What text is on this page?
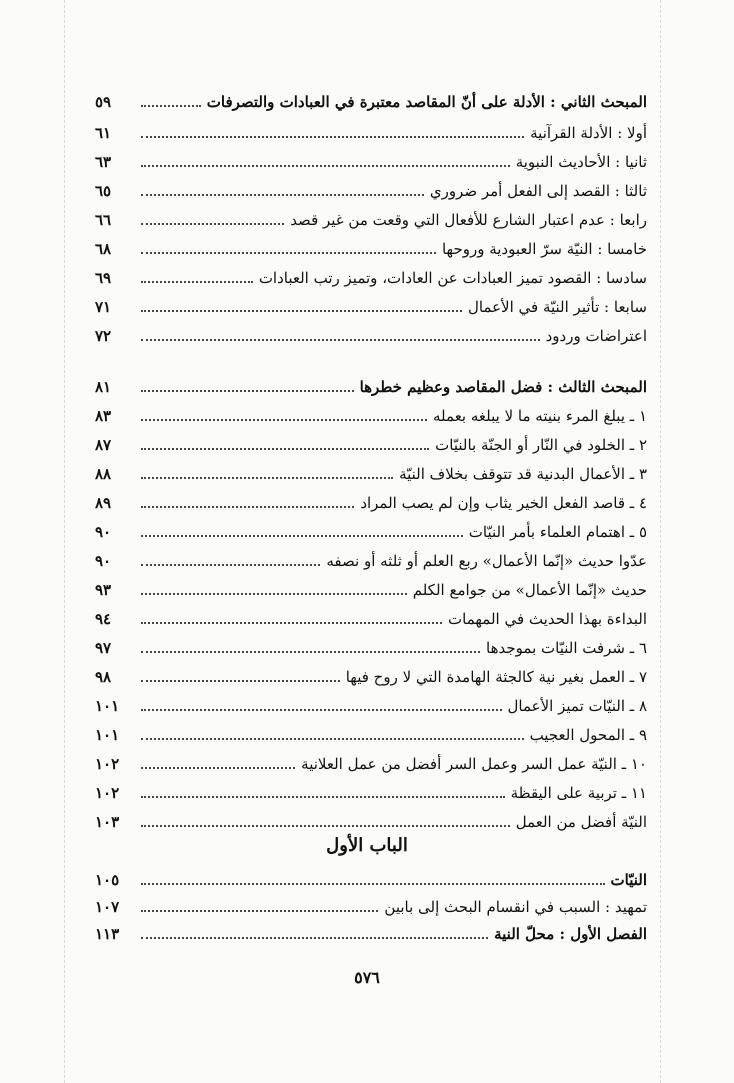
المبحث الثاني : الأدلة على أنّ المقاصد معتبرة في العبادات والتصرفات
٥٩
أولا : الأدلة القرآنية
٦١
ثانيا : الأحاديث النبوية
٦٣
ثالثا : القصد إلى الفعل أمر ضروري
٦٥
رابعا : عدم اعتبار الشارع للأفعال التي وقعت من غير قصد
٦٦
خامسا : النيّة سرّ العبودية وروحها
٦٨
سادسا : القصود تميز العبادات عن العادات، وتميز رتب العبادات
٦٩
سابعا : تأثير النيّة في الأعمال
٧١
اعتراضات وردود
٧٢
المبحث الثالث : فضل المقاصد وعظيم خطرها
٨١
١ ـ يبلغ المرء بنيته ما لا يبلغه بعمله
٨٣
٢ ـ الخلود في النّار أو الجنّة بالنيّات
٨٧
٣ ـ الأعمال البدنية قد تتوقف بخلاف النيّة
٨٨
٤ ـ قاصد الفعل الخير يثاب وإن لم يصب المراد
٨٩
٥ ـ اهتمام العلماء بأمر النيّات
٩٠
عدّوا حديث «إنّما الأعمال» ربع العلم أو ثلثه أو نصفه
٩٠
حديث «إنّما الأعمال» من جوامع الكلم
٩٣
البداءة بهذا الحديث في المهمات
٩٤
٦ ـ شرفت النيّات بموجدها
٩٧
٧ ـ العمل بغير نية كالجثة الهامدة التي لا روح فيها
٩٨
٨ ـ النيّات تميز الأعمال
١٠١
٩ ـ المحول العجيب
١٠١
١٠ ـ النيّة عمل السر وعمل السر أفضل من عمل العلانية
١٠٢
١١ ـ تربية على اليقظة
١٠٢
النيّة أفضل من العمل
١٠٣
الباب الأول
النيّات
١٠٥
تمهيد : السبب في انقسام البحث إلى بابين
١٠٧
الفصل الأول : محلّ النية
١١٣
٥٧٦
